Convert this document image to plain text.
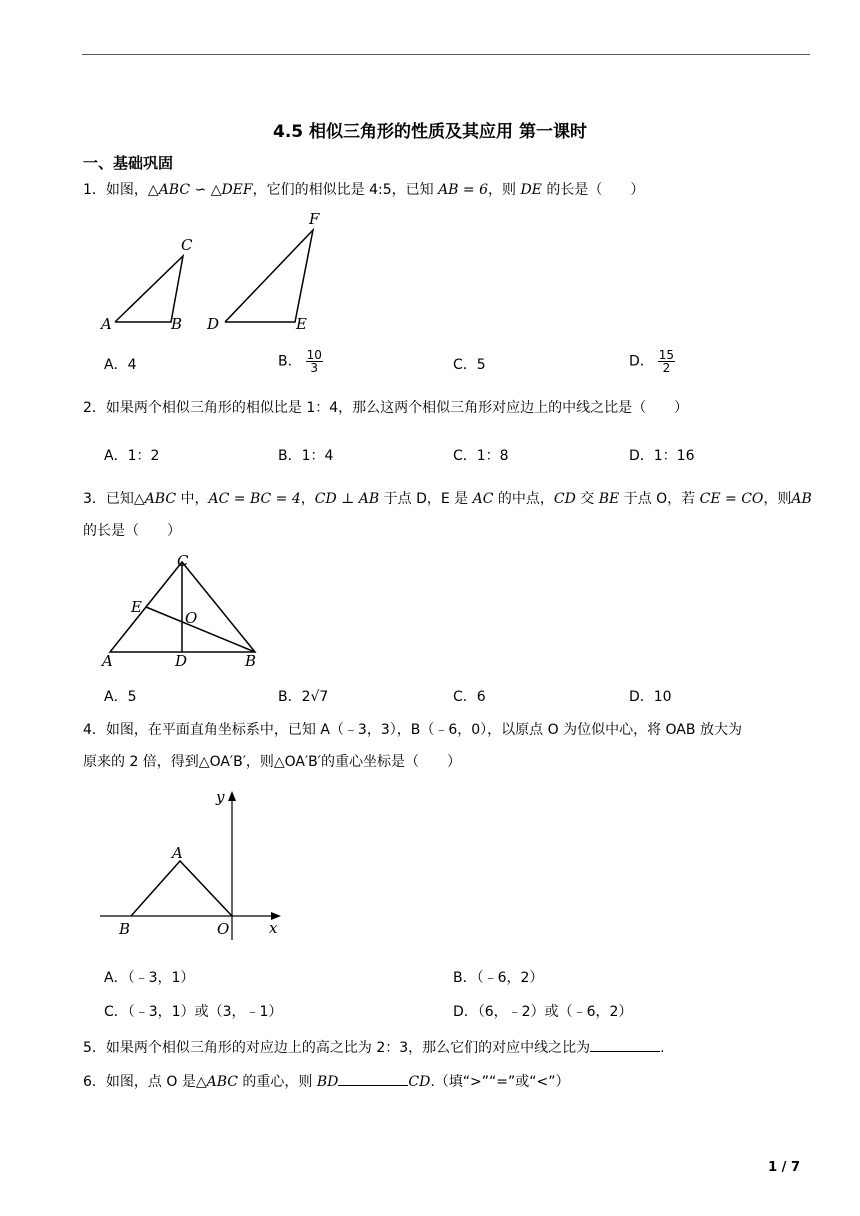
4.5 相似三角形的性质及其应用 第一课时
一、基础巩固
1．如图，△ABC ∽ △DEF，它们的相似比是 4:5，已知 AB = 6，则 DE 的长是（　　）
A	B
C
D	E
F
A．4	B． $\frac{10}{3}$	C．5	D． $\frac{15}{2}$
2．如果两个相似三角形的相似比是 1：4，那么这两个相似三角形对应边上的中线之比是（　　）
A．1：2	B．1：4	C．1：8	D．1：16
3．已知△ABC 中，AC = BC = 4，CD ⊥ AB 于点 D，E 是 AC 的中点，CD 交 BE 于点 O，若 CE = CO，则AB 的长是（　　）
C
E
O
A	D	B
A．5	B．2√7	C．6	D．10
4．如图，在平面直角坐标系中，已知 A（﹣3，3），B（﹣6，0），以原点 O 为位似中心，将 OAB 放大为
原来的 2 倍，得到△OA′B′，则△OA′B′的重心坐标是（　　）
y
A
B	O	x
A．（﹣3，1）	B．（﹣6，2）
C．（﹣3，1）或（3，﹣1）	D．（6，﹣2）或（﹣6，2）
5．如果两个相似三角形的对应边上的高之比为 2：3，那么它们的对应中线之比为	.
6．如图，点 O 是△ABC 的重心，则 BD	CD.（填“>”“=”或“<”）
1 / 7
